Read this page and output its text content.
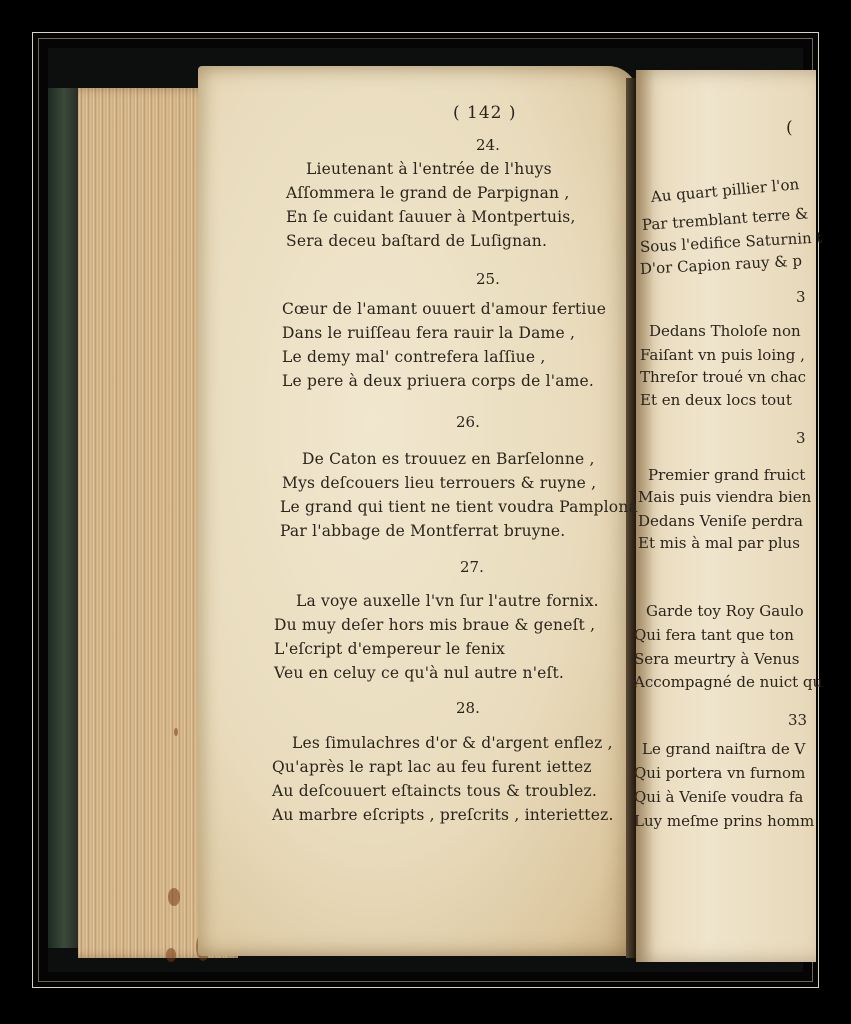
( 142 )
24.
Lieutenant à l'entrée de l'huys
Aſſommera le grand de Parpignan ,
En ſe cuidant ſauuer à Montpertuis,
Sera deceu baſtard de Luſignan.
25.
Cœur de l'amant ouuert d'amour fertiue
Dans le ruiſſeau fera rauir la Dame ,
Le demy mal' contrefera laſſiue ,
Le pere à deux priuera corps de l'ame.
26.
De Caton es trouuez en Barſelonne ,
Mys deſcouers lieu terrouers & ruyne ,
Le grand qui tient ne tient voudra Pamplona
Par l'abbage de Montferrat bruyne.
27.
La voye auxelle l'vn ſur l'autre fornix.
Du muy deſer hors mis braue & geneſt ,
L'eſcript d'empereur le fenix
Veu en celuy ce qu'à nul autre n'eſt.
28.
Les ſimulachres d'or & d'argent enflez ,
Qu'après le rapt lac au feu furent iettez
Au deſcouuert eſtaincts tous & troublez.
Au marbre eſcripts , preſcrits , interiettez.
(
Au quart pillier l'on
Par tremblant terre &
Sous l'edifice Saturnin t
D'or Capion rauy & p
3
Dedans Tholoſe non
Faiſant vn puis loing ,
Threſor troué vn chac
Et en deux locs tout
3
Premier grand fruict
Mais puis viendra bien
Dedans Veniſe perdra
Et mis à mal par plus
Garde toy Roy Gaulo
Qui fera tant que ton
Sera meurtry à Venus
Accompagné de nuict qu
33
Le grand naiſtra de V
Qui portera vn furnom
Qui à Veniſe voudra fa
Luy meſme prins homm
